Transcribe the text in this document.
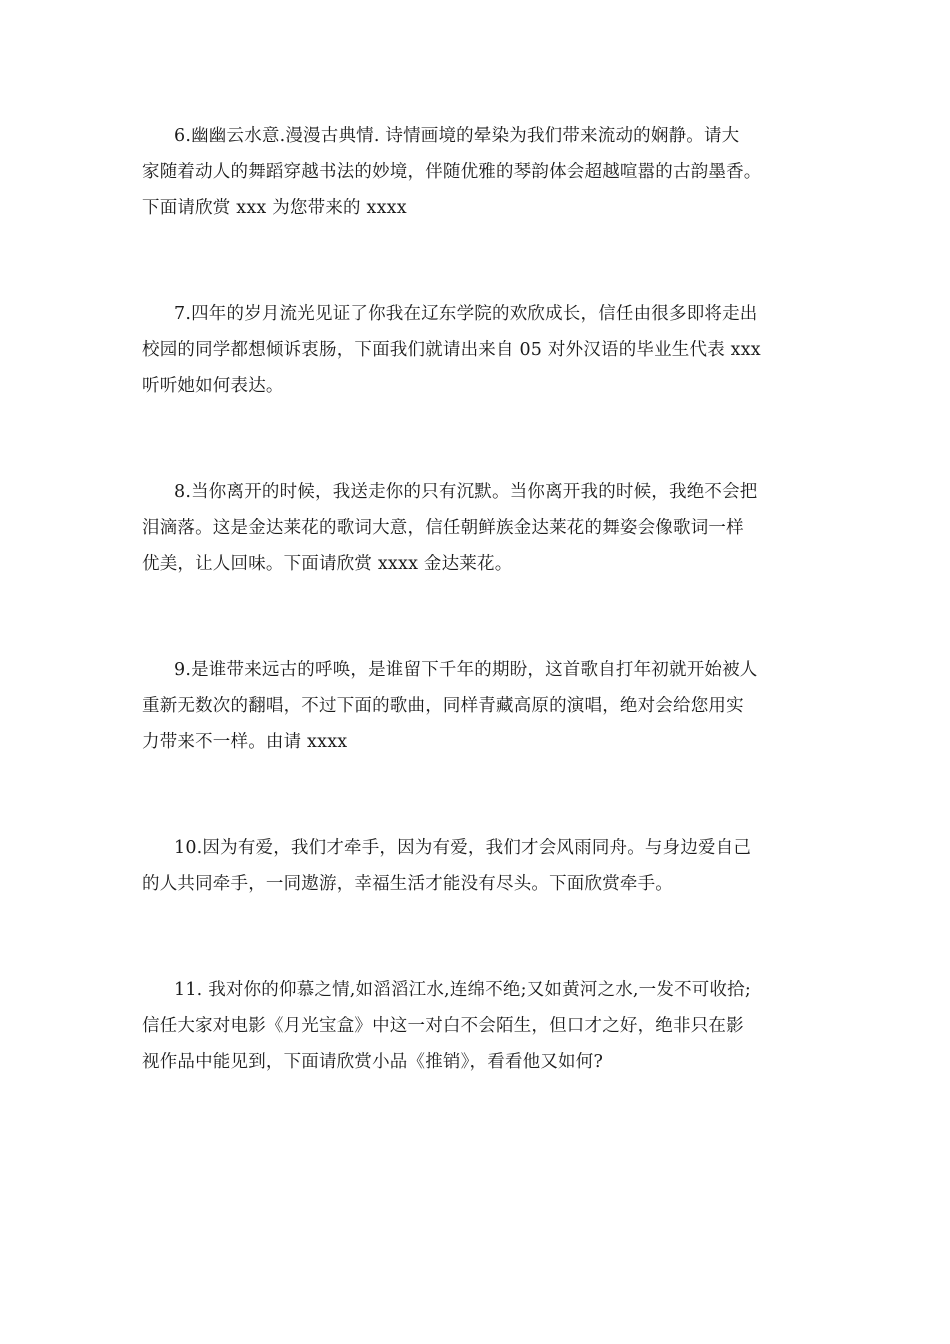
6.幽幽云水意.漫漫古典情. 诗情画境的晕染为我们带来流动的娴静。请大
家随着动人的舞蹈穿越书法的妙境，伴随优雅的琴韵体会超越喧嚣的古韵墨香。
下面请欣赏 xxx 为您带来的 xxxx
7.四年的岁月流光见证了你我在辽东学院的欢欣成长，信任由很多即将走出
校园的同学都想倾诉衷肠，下面我们就请出来自 05 对外汉语的毕业生代表 xxx
听听她如何表达。
8.当你离开的时候，我送走你的只有沉默。当你离开我的时候，我绝不会把
泪滴落。这是金达莱花的歌词大意，信任朝鲜族金达莱花的舞姿会像歌词一样
优美，让人回味。下面请欣赏 xxxx 金达莱花。
9.是谁带来远古的呼唤，是谁留下千年的期盼，这首歌自打年初就开始被人
重新无数次的翻唱，不过下面的歌曲，同样青藏高原的演唱，绝对会给您用实
力带来不一样。由请 xxxx
10.因为有爱，我们才牵手，因为有爱，我们才会风雨同舟。与身边爱自己
的人共同牵手，一同遨游，幸福生活才能没有尽头。下面欣赏牵手。
11. 我对你的仰慕之情,如滔滔江水,连绵不绝;又如黄河之水,一发不可收拾;
信任大家对电影《月光宝盒》中这一对白不会陌生，但口才之好，绝非只在影
视作品中能见到，下面请欣赏小品《推销》，看看他又如何?
